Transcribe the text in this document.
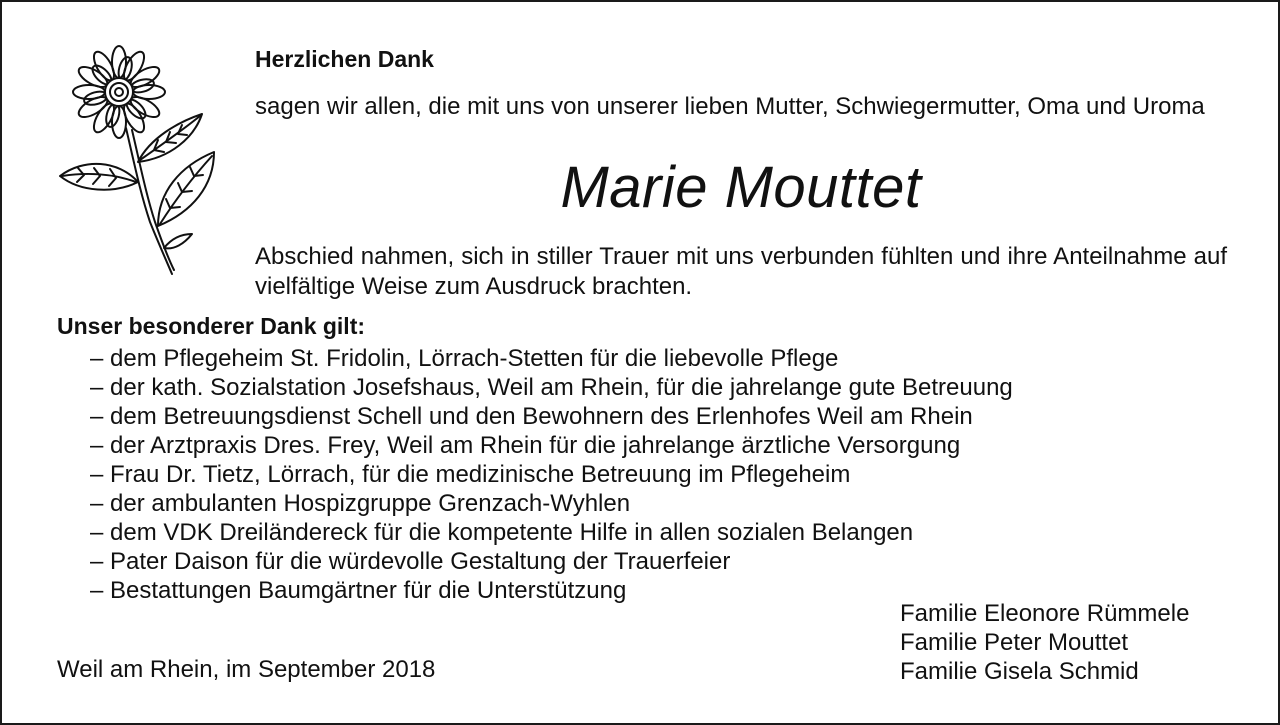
Herzlichen Dank
sagen wir allen, die mit uns von unserer lieben Mutter, Schwiegermutter, Oma und Uroma
Marie Mouttet
Abschied nahmen, sich in stiller Trauer mit uns verbunden fühlten und ihre Anteilnahme auf vielfältige Weise zum Ausdruck brachten.
Unser besonderer Dank gilt:
– dem Pflegeheim St. Fridolin, Lörrach-Stetten für die liebevolle Pflege
– der kath. Sozialstation Josefshaus, Weil am Rhein, für die jahrelange gute Betreuung
– dem Betreuungsdienst Schell und den Bewohnern des Erlenhofes Weil am Rhein
– der Arztpraxis Dres. Frey, Weil am Rhein für die jahrelange ärztliche Versorgung
– Frau Dr. Tietz, Lörrach, für die medizinische Betreuung im Pflegeheim
– der ambulanten Hospizgruppe Grenzach-Wyhlen
– dem VDK Dreiländereck für die kompetente Hilfe in allen sozialen Belangen
– Pater Daison für die würdevolle Gestaltung der Trauerfeier
– Bestattungen Baumgärtner für die Unterstützung
Familie Eleonore Rümmele
Familie Peter Mouttet
Familie Gisela Schmid
Weil am Rhein, im September 2018
